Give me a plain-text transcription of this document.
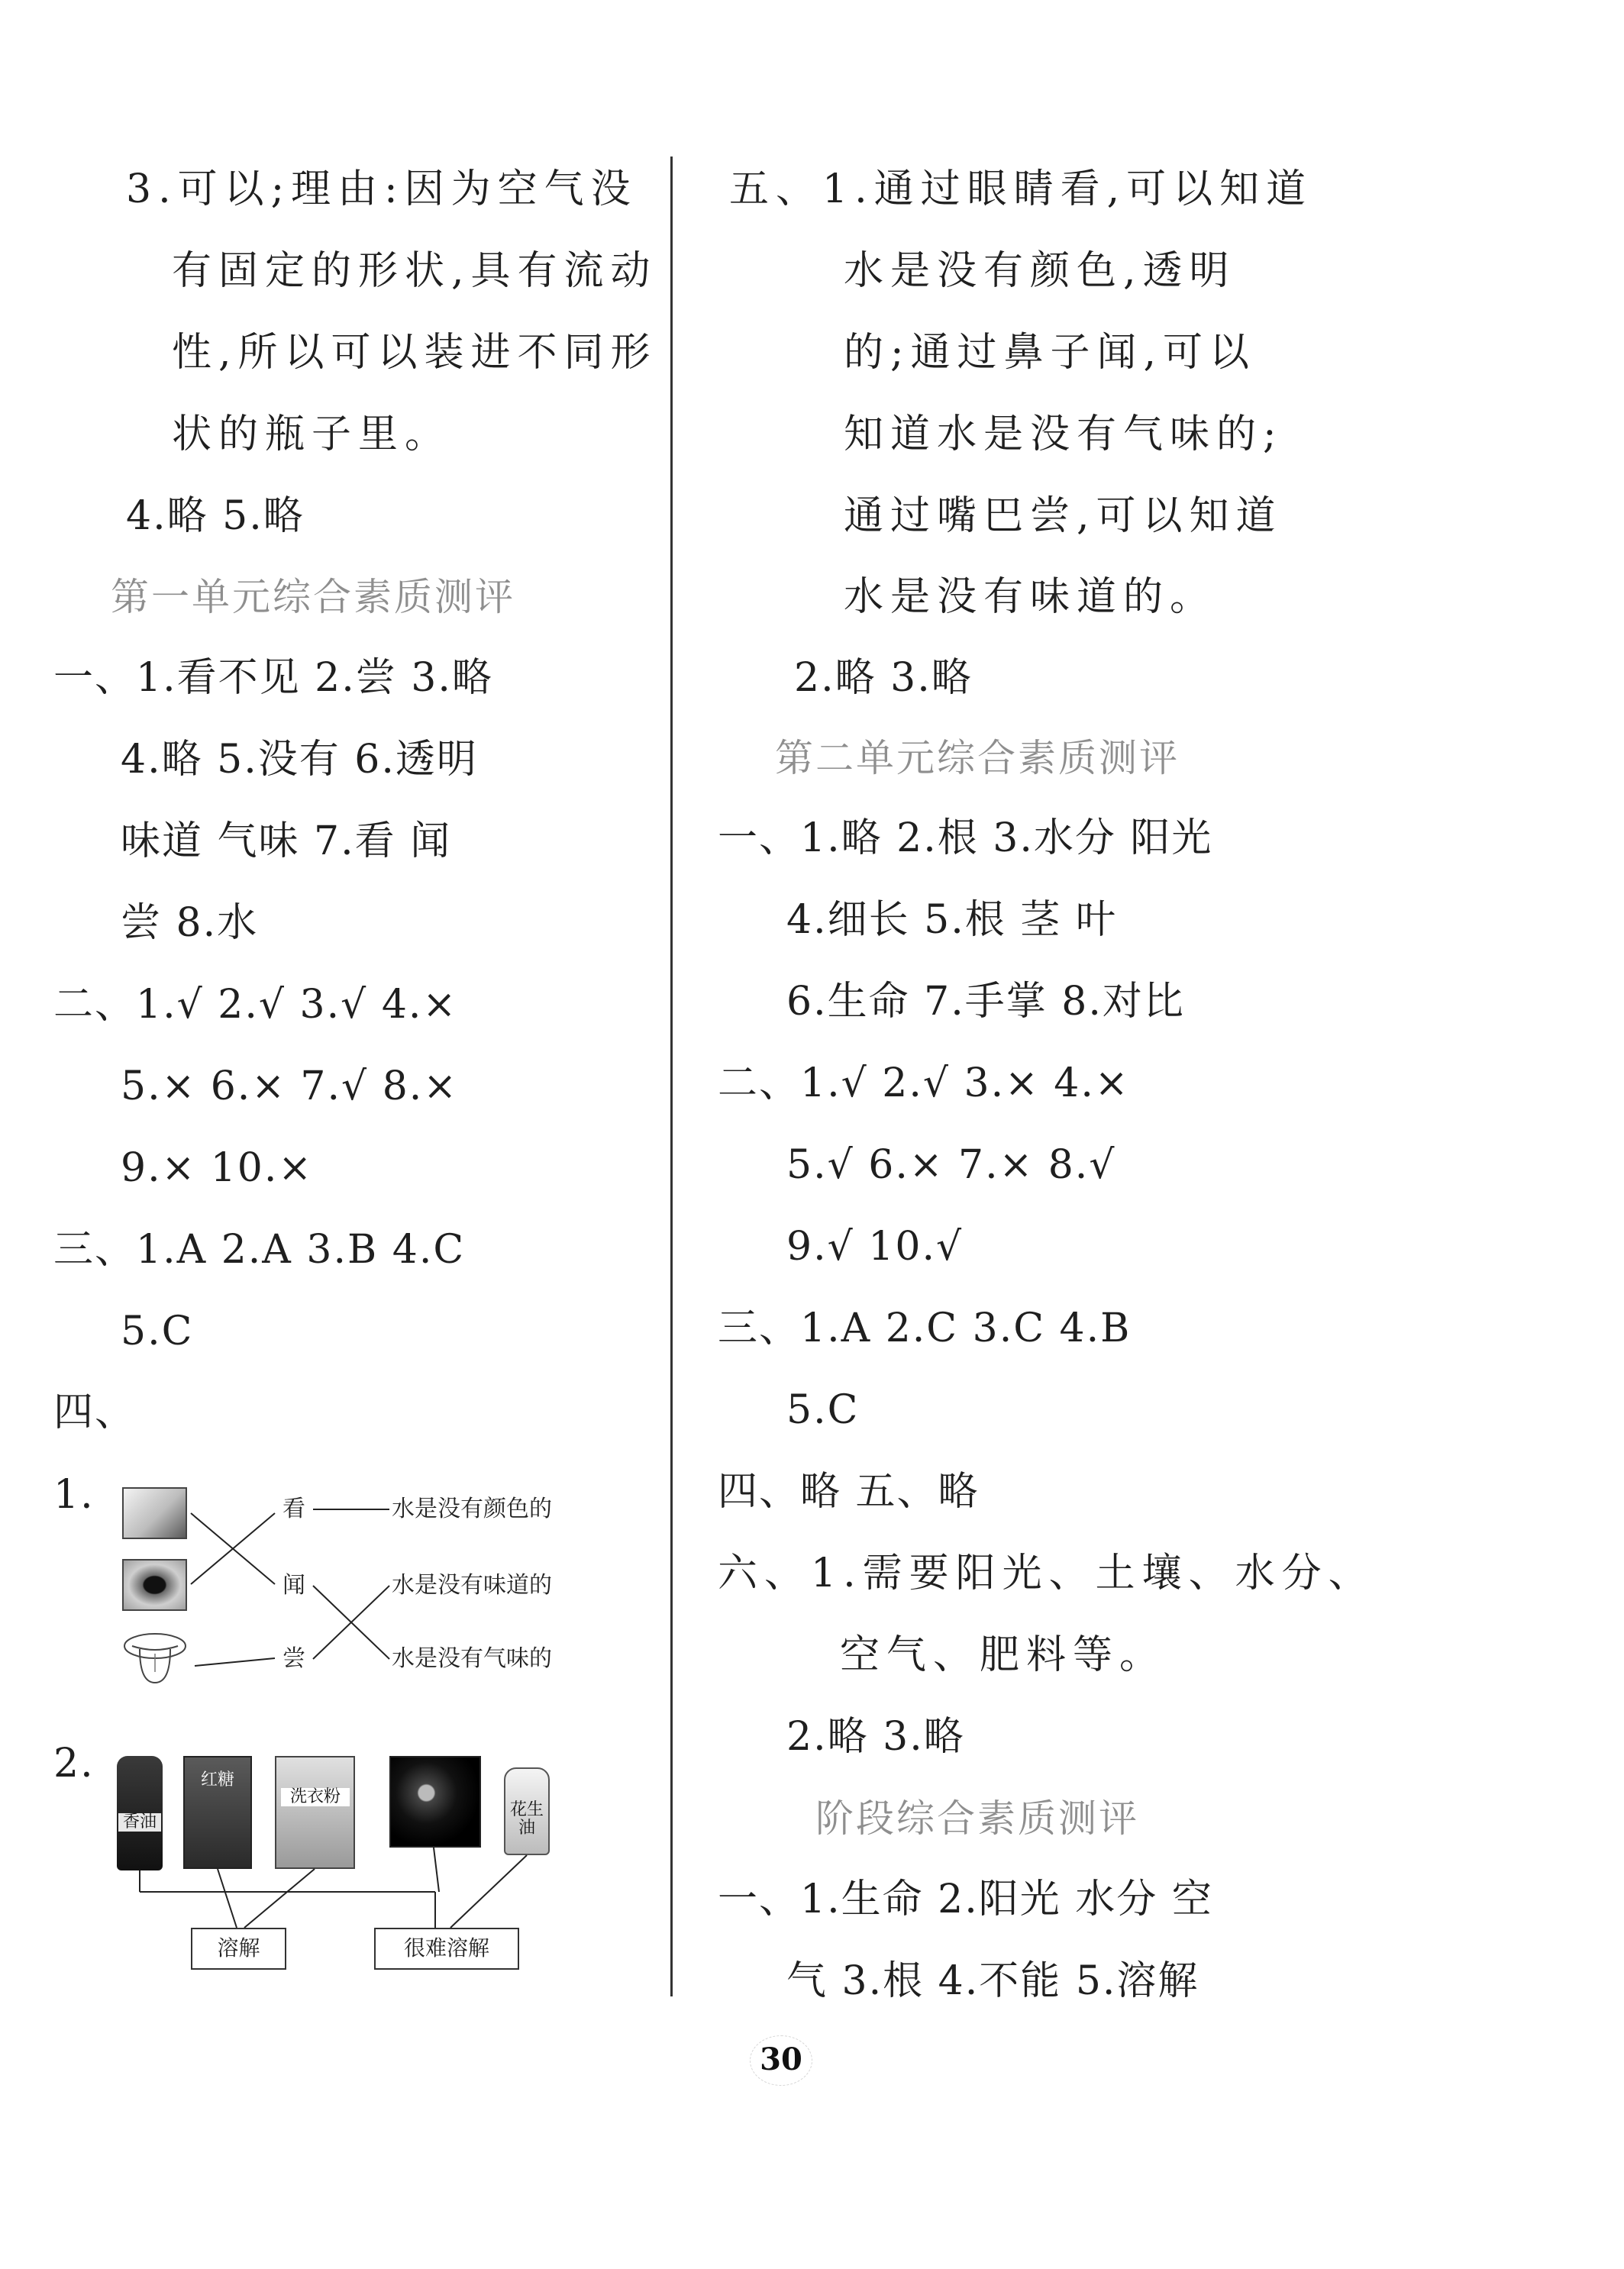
3.可以;理由:因为空气没
有固定的形状,具有流动
性,所以可以装进不同形
状的瓶子里。
4.略 5.略
第一单元综合素质测评
一、1.看不见 2.尝 3.略
4.略 5.没有 6.透明
味道 气味 7.看 闻
尝 8.水
二、1.√ 2.√ 3.√ 4.×
5.× 6.× 7.√ 8.×
9.× 10.×
三、1.A 2.A 3.B 4.C
5.C
四、
1.	看
闻
尝
水是没有颜色的
水是没有味道的
水是没有气味的
2.
香油
红糖
洗衣粉
花生油
溶解	很难溶解
五、1.通过眼睛看,可以知道
水是没有颜色,透明
的;通过鼻子闻,可以
知道水是没有气味的;
通过嘴巴尝,可以知道
水是没有味道的。
2.略 3.略
第二单元综合素质测评
一、1.略 2.根 3.水分 阳光
4.细长 5.根 茎 叶
6.生命 7.手掌 8.对比
二、1.√ 2.√ 3.× 4.×
5.√ 6.× 7.× 8.√
9.√ 10.√
三、1.A 2.C 3.C 4.B
5.C
四、略 五、略
六、1.需要阳光、土壤、水分、
空气、肥料等。
2.略 3.略
阶段综合素质测评
一、1.生命 2.阳光 水分 空
气 3.根 4.不能 5.溶解
30
